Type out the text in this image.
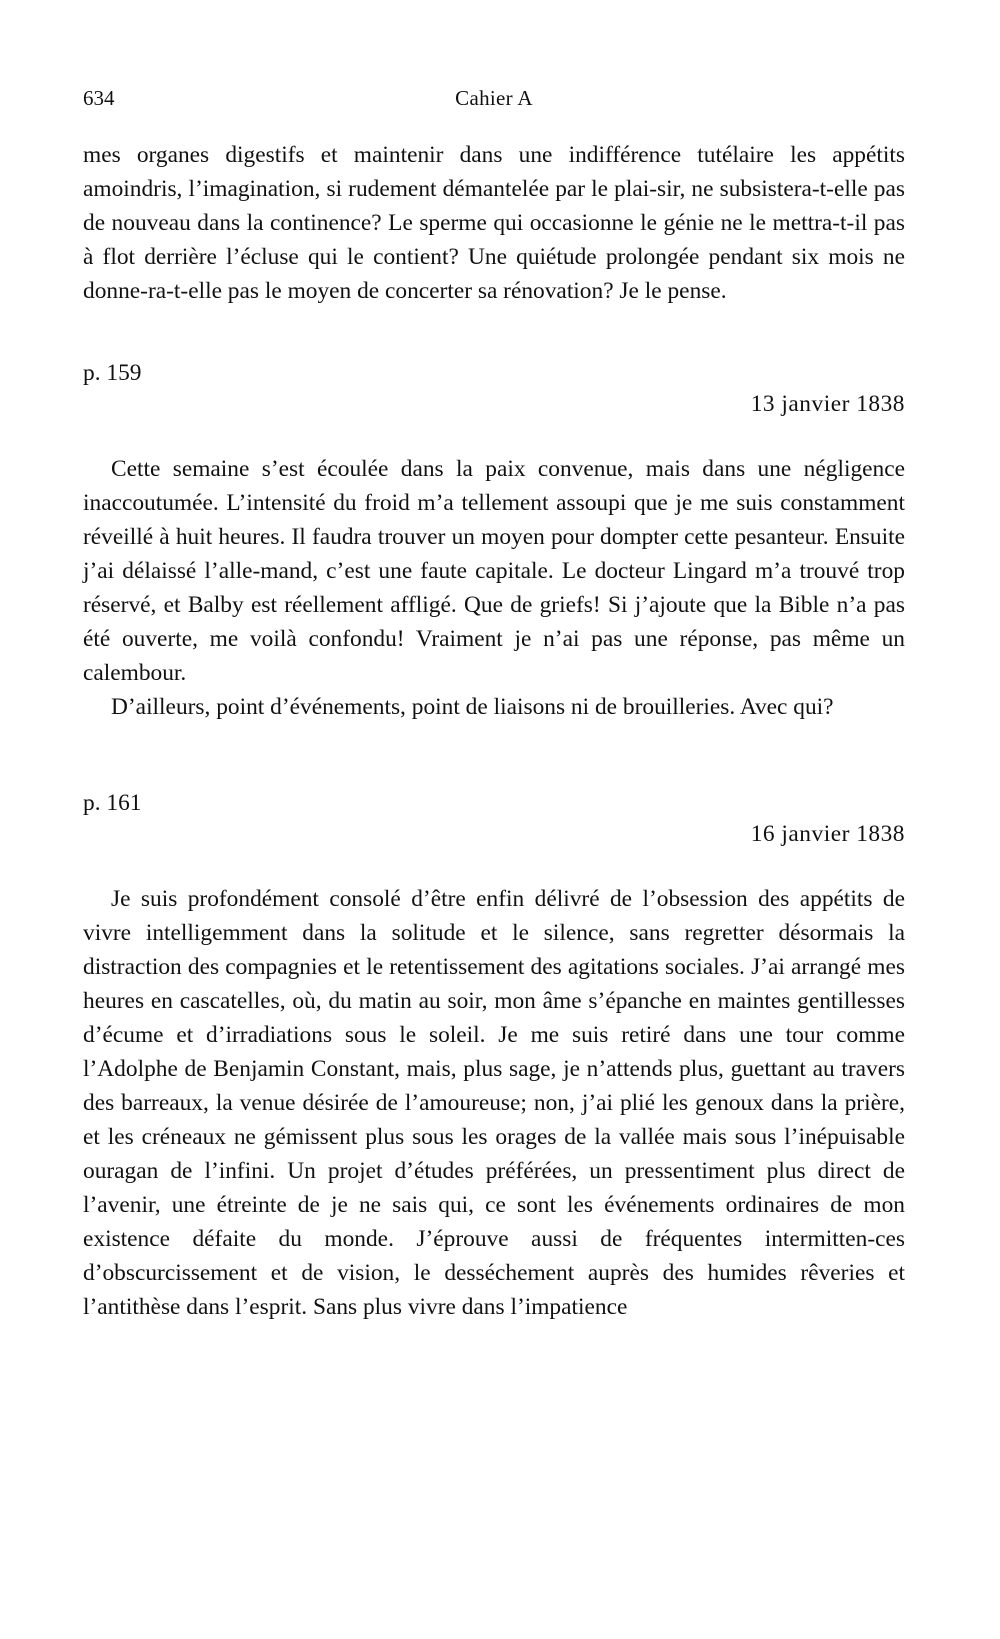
634	Cahier A

mes organes digestifs et maintenir dans une indifférence tutélaire les appétits amoindris, l’imagination, si rudement démantelée par le plai-sir, ne subsistera-t-elle pas de nouveau dans la continence? Le sperme qui occasionne le génie ne le mettra-t-il pas à flot derrière l’écluse qui le contient? Une quiétude prolongée pendant six mois ne donne-ra-t-elle pas le moyen de concerter sa rénovation? Je le pense.

p. 159

13 janvier 1838

Cette semaine s’est écoulée dans la paix convenue, mais dans une négligence inaccoutumée. L’intensité du froid m’a tellement assoupi que je me suis constamment réveillé à huit heures. Il faudra trouver un moyen pour dompter cette pesanteur. Ensuite j’ai délaissé l’alle-mand, c’est une faute capitale. Le docteur Lingard m’a trouvé trop réservé, et Balby est réellement affligé. Que de griefs! Si j’ajoute que la Bible n’a pas été ouverte, me voilà confondu! Vraiment je n’ai pas une réponse, pas même un calembour.

D’ailleurs, point d’événements, point de liaisons ni de brouilleries. Avec qui?

p. 161

16 janvier 1838

Je suis profondément consolé d’être enfin délivré de l’obsession des appétits de vivre intelligemment dans la solitude et le silence, sans regretter désormais la distraction des compagnies et le retentissement des agitations sociales. J’ai arrangé mes heures en cascatelles, où, du matin au soir, mon âme s’épanche en maintes gentillesses d’écume et d’irradiations sous le soleil. Je me suis retiré dans une tour comme l’Adolphe de Benjamin Constant, mais, plus sage, je n’attends plus, guettant au travers des barreaux, la venue désirée de l’amoureuse; non, j’ai plié les genoux dans la prière, et les créneaux ne gémissent plus sous les orages de la vallée mais sous l’inépuisable ouragan de l’infini. Un projet d’études préférées, un pressentiment plus direct de l’avenir, une étreinte de je ne sais qui, ce sont les événements ordinaires de mon existence défaite du monde. J’éprouve aussi de fréquentes intermitten-ces d’obscurcissement et de vision, le desséchement auprès des humides rêveries et l’antithèse dans l’esprit. Sans plus vivre dans l’impatience
